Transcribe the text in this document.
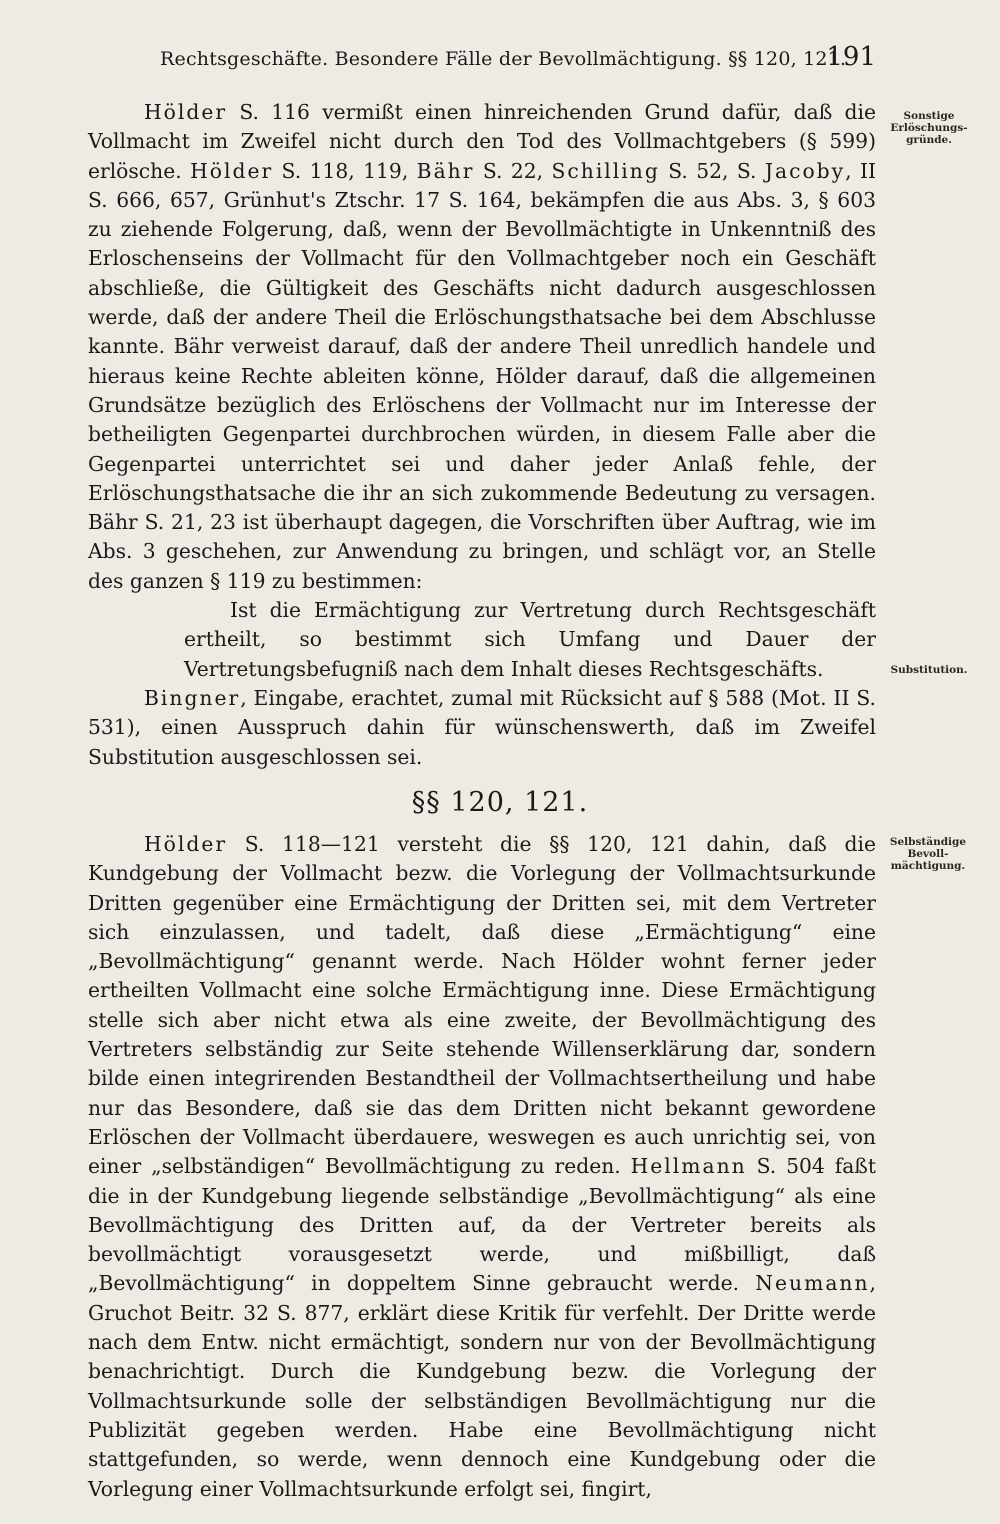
Rechtsgeschäfte. Besondere Fälle der Bevollmächtigung. §§ 120, 121.
191

Hölder S. 116 vermißt einen hinreichenden Grund dafür, daß die Vollmacht im Zweifel nicht durch den Tod des Vollmachtgebers (§ 599) erlösche. Hölder S. 118, 119, Bähr S. 22, Schilling S. 52, S. Jacoby, II S. 666, 657, Grünhut's Ztschr. 17 S. 164, bekämpfen die aus Abs. 3, § 603 zu ziehende Folgerung, daß, wenn der Bevollmächtigte in Unkenntniß des Erloschenseins der Vollmacht für den Vollmachtgeber noch ein Geschäft abschließe, die Gültigkeit des Geschäfts nicht dadurch ausgeschlossen werde, daß der andere Theil die Erlöschungsthatsache bei dem Abschlusse kannte. Bähr verweist darauf, daß der andere Theil unredlich handele und hieraus keine Rechte ableiten könne, Hölder darauf, daß die allgemeinen Grundsätze bezüglich des Erlöschens der Vollmacht nur im Interesse der betheiligten Gegenpartei durchbrochen würden, in diesem Falle aber die Gegenpartei unterrichtet sei und daher jeder Anlaß fehle, der Erlöschungsthatsache die ihr an sich zukommende Bedeutung zu versagen. Bähr S. 21, 23 ist überhaupt dagegen, die Vorschriften über Auftrag, wie im Abs. 3 geschehen, zur Anwendung zu bringen, und schlägt vor, an Stelle des ganzen § 119 zu bestimmen:

Ist die Ermächtigung zur Vertretung durch Rechtsgeschäft ertheilt, so bestimmt sich Umfang und Dauer der Vertretungsbefugniß nach dem Inhalt dieses Rechtsgeschäfts.

Bingner, Eingabe, erachtet, zumal mit Rücksicht auf § 588 (Mot. II S. 531), einen Ausspruch dahin für wünschenswerth, daß im Zweifel Substitution ausgeschlossen sei.

§§ 120, 121.

Hölder S. 118—121 versteht die §§ 120, 121 dahin, daß die Kundgebung der Vollmacht bezw. die Vorlegung der Vollmachtsurkunde Dritten gegenüber eine Ermächtigung der Dritten sei, mit dem Vertreter sich einzulassen, und tadelt, daß diese „Ermächtigung“ eine „Bevollmächtigung“ genannt werde. Nach Hölder wohnt ferner jeder ertheilten Vollmacht eine solche Ermächtigung inne. Diese Ermächtigung stelle sich aber nicht etwa als eine zweite, der Bevollmächtigung des Vertreters selbständig zur Seite stehende Willenserklärung dar, sondern bilde einen integrirenden Bestandtheil der Vollmachtsertheilung und habe nur das Besondere, daß sie das dem Dritten nicht bekannt gewordene Erlöschen der Vollmacht überdauere, weswegen es auch unrichtig sei, von einer „selbständigen“ Bevollmächtigung zu reden. Hellmann S. 504 faßt die in der Kundgebung liegende selbständige „Bevollmächtigung“ als eine Bevollmächtigung des Dritten auf, da der Vertreter bereits als bevollmächtigt vorausgesetzt werde, und mißbilligt, daß „Bevollmächtigung“ in doppeltem Sinne gebraucht werde. Neumann, Gruchot Beitr. 32 S. 877, erklärt diese Kritik für verfehlt. Der Dritte werde nach dem Entw. nicht ermächtigt, sondern nur von der Bevollmächtigung benachrichtigt. Durch die Kundgebung bezw. die Vorlegung der Vollmachtsurkunde solle der selbständigen Bevollmächtigung nur die Publizität gegeben werden. Habe eine Bevollmächtigung nicht stattgefunden, so werde, wenn dennoch eine Kundgebung oder die Vorlegung einer Vollmachtsurkunde erfolgt sei, fingirt,

Sonstige
Erlöschungs-
gründe.
Substitution.
Selbständige
Bevoll-
mächtigung.
